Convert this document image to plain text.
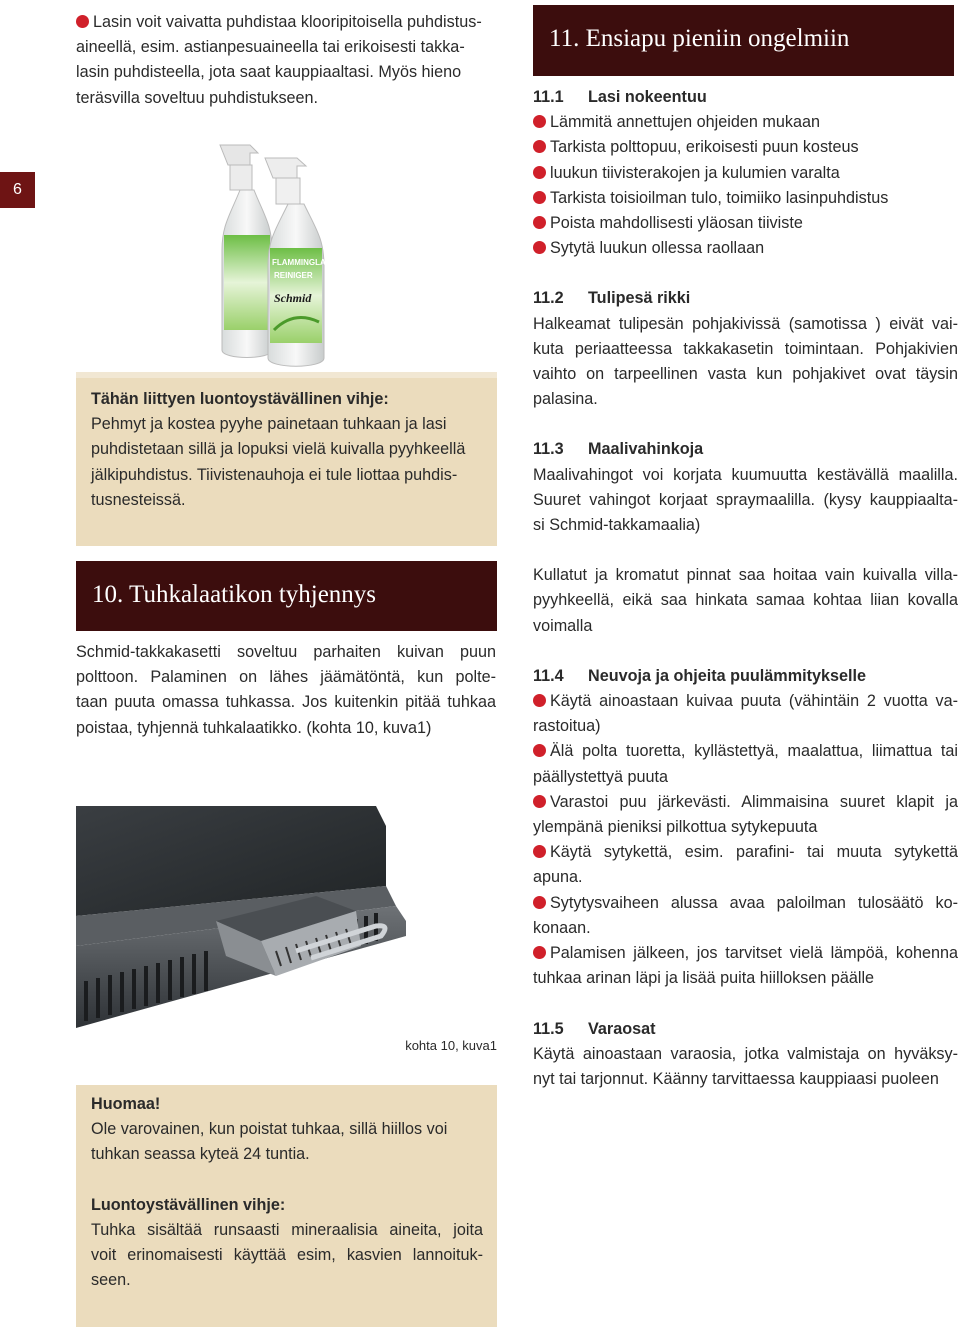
6
Lasin voit vaivatta puhdistaa klooripitoisella puhdistus-
aineellä, esim. astianpesuaineella tai erikoisesti takka-
lasin puhdisteella, jota saat kauppiaaltasi. Myös hieno
teräsvilla soveltuu puhdistukseen.
FLAMMINGLAS
REINIGER
Schmid
Tähän liittyen luontoystävällinen vihje:
Pehmyt ja kostea pyyhe painetaan tuhkaan ja lasi
puhdistetaan sillä ja lopuksi vielä kuivalla pyyhkeellä
jälkipuhdistus. Tiivistenauhoja ei tule liottaa puhdis-
tusnesteissä.
10. Tuhkalaatikon tyhjennys
Schmid-takkakasetti soveltuu parhaiten kuivan puun
polttoon. Palaminen on lähes jäämätöntä, kun polte-
taan puuta omassa tuhkassa. Jos kuitenkin pitää tuhkaa
poistaa, tyhjennä tuhkalaatikko. (kohta 10, kuva1)
kohta 10, kuva1
Huomaa!
Ole varovainen, kun poistat tuhkaa, sillä hiillos voi
tuhkan seassa kyteä 24 tuntia.
Luontoystävällinen vihje:
Tuhka sisältää runsaasti mineraalisia aineita, joita
voit erinomaisesti käyttää esim, kasvien lannoituk-
seen.
11. Ensiapu pieniin ongelmiin
11.1 Lasi nokeentuu
Lämmitä annettujen ohjeiden mukaan
Tarkista polttopuu, erikoisesti puun kosteus
luukun tiivisterakojen ja kulumien varalta
Tarkista toisioilman tulo, toimiiko lasinpuhdistus
Poista mahdollisesti yläosan tiiviste
Sytytä luukun ollessa raollaan
11.2 Tulipesä rikki
Halkeamat tulipesän pohjakivissä (samotissa ) eivät vai-
kuta periaatteessa takkakasetin toimintaan. Pohjakivien
vaihto on tarpeellinen vasta kun pohjakivet ovat täysin
palasina.
11.3 Maalivahinkoja
Maalivahingot voi korjata kuumuutta kestävällä maalilla.
Suuret vahingot korjaat spraymaalilla. (kysy kauppiaalta-
si Schmid-takkamaalia)
Kullatut ja kromatut pinnat saa hoitaa vain kuivalla villa-
pyyhkeellä, eikä saa hinkata samaa kohtaa liian kovalla
voimalla
11.4 Neuvoja ja ohjeita puulämmitykselle
Käytä ainoastaan kuivaa puuta (vähintäin 2 vuotta va-
rastoitua)
Älä polta tuoretta, kyllästettyä, maalattua, liimattua tai
päällystettyä puuta
Varastoi puu järkevästi. Alimmaisina suuret klapit ja
ylempänä pieniksi pilkottua sytykepuuta
Käytä sytykettä, esim. parafini- tai muuta sytykettä
apuna.
Sytytysvaiheen alussa avaa paloilman tulosäätö ko-
konaan.
Palamisen jälkeen, jos tarvitset vielä lämpöä, kohenna
tuhkaa arinan läpi ja lisää puita hiilloksen päälle
11.5 Varaosat
Käytä ainoastaan varaosia, jotka valmistaja on hyväksy-
nyt tai tarjonnut. Käänny tarvittaessa kauppiaasi puoleen
